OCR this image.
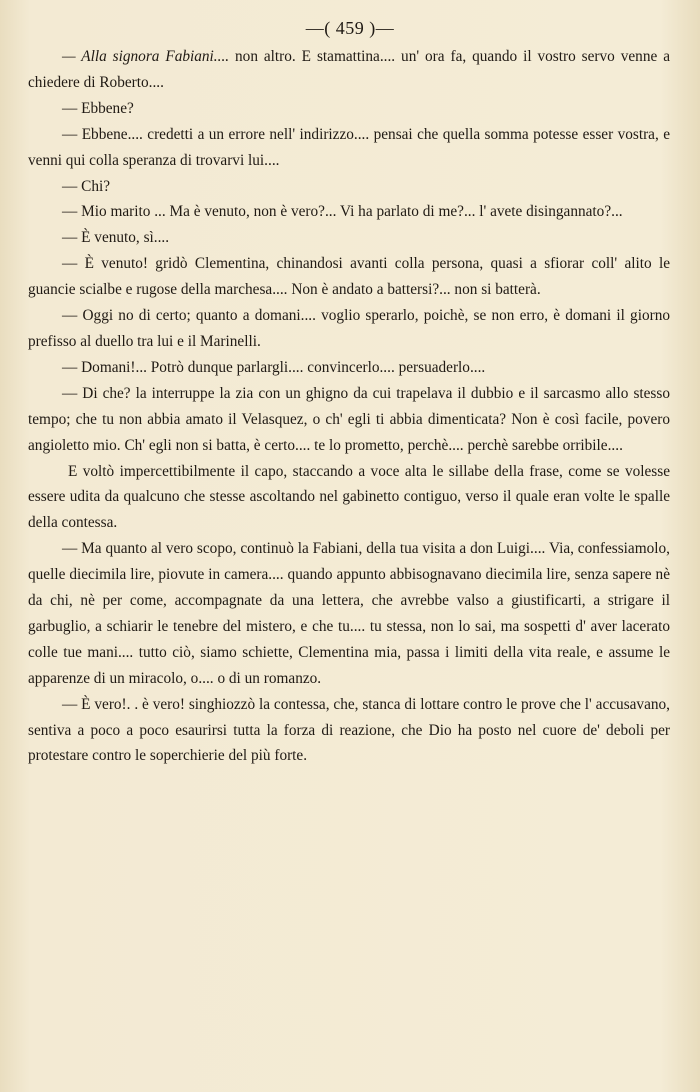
—( 459 )—

— Alla signora Fabiani.... non altro. E stamattina.... un' ora fa, quando il vostro servo venne a chiedere di Roberto....

— Ebbene?

— Ebbene.... credetti a un errore nell' indirizzo.... pensai che quella somma potesse esser vostra, e venni qui colla speranza di trovarvi lui....

— Chi?

— Mio marito ... Ma è venuto, non è vero?... Vi ha parlato di me?... l' avete disingannato?...

— È venuto, sì....

— È venuto! gridò Clementina, chinandosi avanti colla persona, quasi a sfiorar coll' alito le guancie scialbe e rugose della marchesa.... Non è andato a battersi?... non si batterà.

— Oggi no di certo; quanto a domani.... voglio sperarlo, poichè, se non erro, è domani il giorno prefisso al duello tra lui e il Marinelli.

— Domani!... Potrò dunque parlargli.... convincerlo.... persuaderlo....

— Di che? la interruppe la zia con un ghigno da cui trapelava il dubbio e il sarcasmo allo stesso tempo; che tu non abbia amato il Velasquez, o ch' egli ti abbia dimenticata? Non è così facile, povero angioletto mio. Ch' egli non si batta, è certo.... te lo prometto, perchè.... perchè sarebbe orribile....

E voltò impercettibilmente il capo, staccando a voce alta le sillabe della frase, come se volesse essere udita da qualcuno che stesse ascoltando nel gabinetto contiguo, verso il quale eran volte le spalle della contessa.

— Ma quanto al vero scopo, continuò la Fabiani, della tua visita a don Luigi.... Via, confessiamolo, quelle diecimila lire, piovute in camera.... quando appunto abbisognavano diecimila lire, senza sapere nè da chi, nè per come, accompagnate da una lettera, che avrebbe valso a giustificarti, a strigare il garbuglio, a schiarir le tenebre del mistero, e che tu.... tu stessa, non lo sai, ma sospetti d' aver lacerato colle tue mani.... tutto ciò, siamo schiette, Clementina mia, passa i limiti della vita reale, e assume le apparenze di un miracolo, o.... o di un romanzo.

— È vero!. . è vero! singhiozzò la contessa, che, stanca di lottare contro le prove che l' accusavano, sentiva a poco a poco esaurirsi tutta la forza di reazione, che Dio ha posto nel cuore de' deboli per protestare contro le soperchierie del più forte.
